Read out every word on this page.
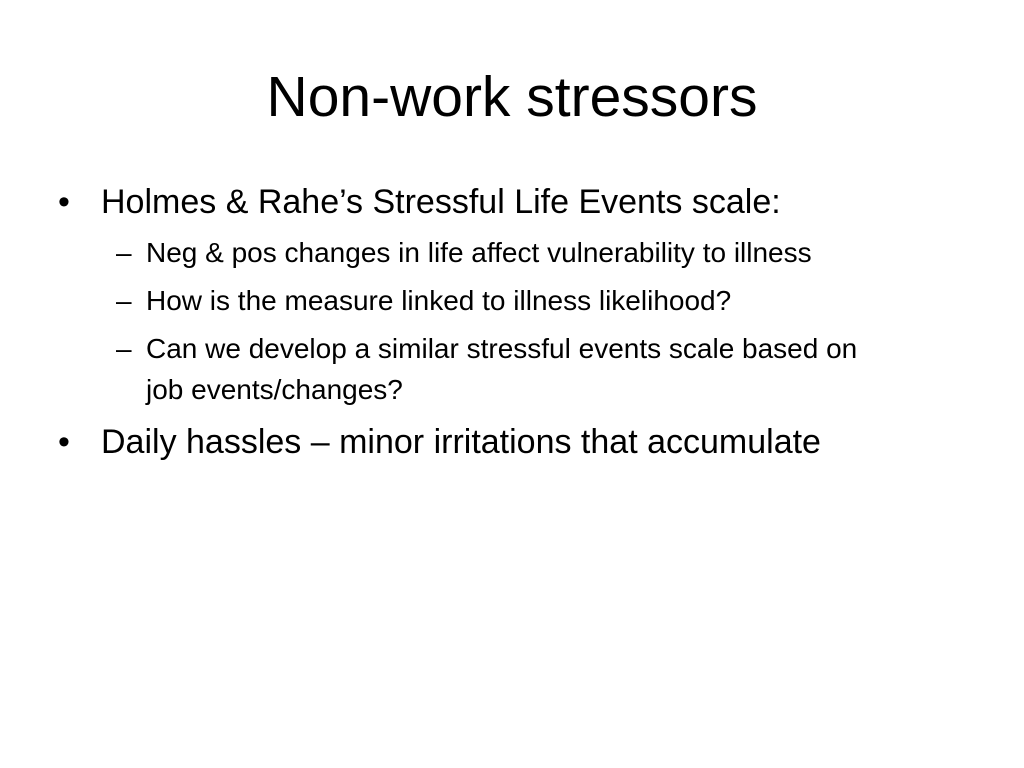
Non-work stressors
• Holmes & Rahe’s Stressful Life Events scale:
– Neg & pos changes in life affect vulnerability to illness
– How is the measure linked to illness likelihood?
– Can we develop a similar stressful events scale based on job events/changes?
• Daily hassles – minor irritations that accumulate
